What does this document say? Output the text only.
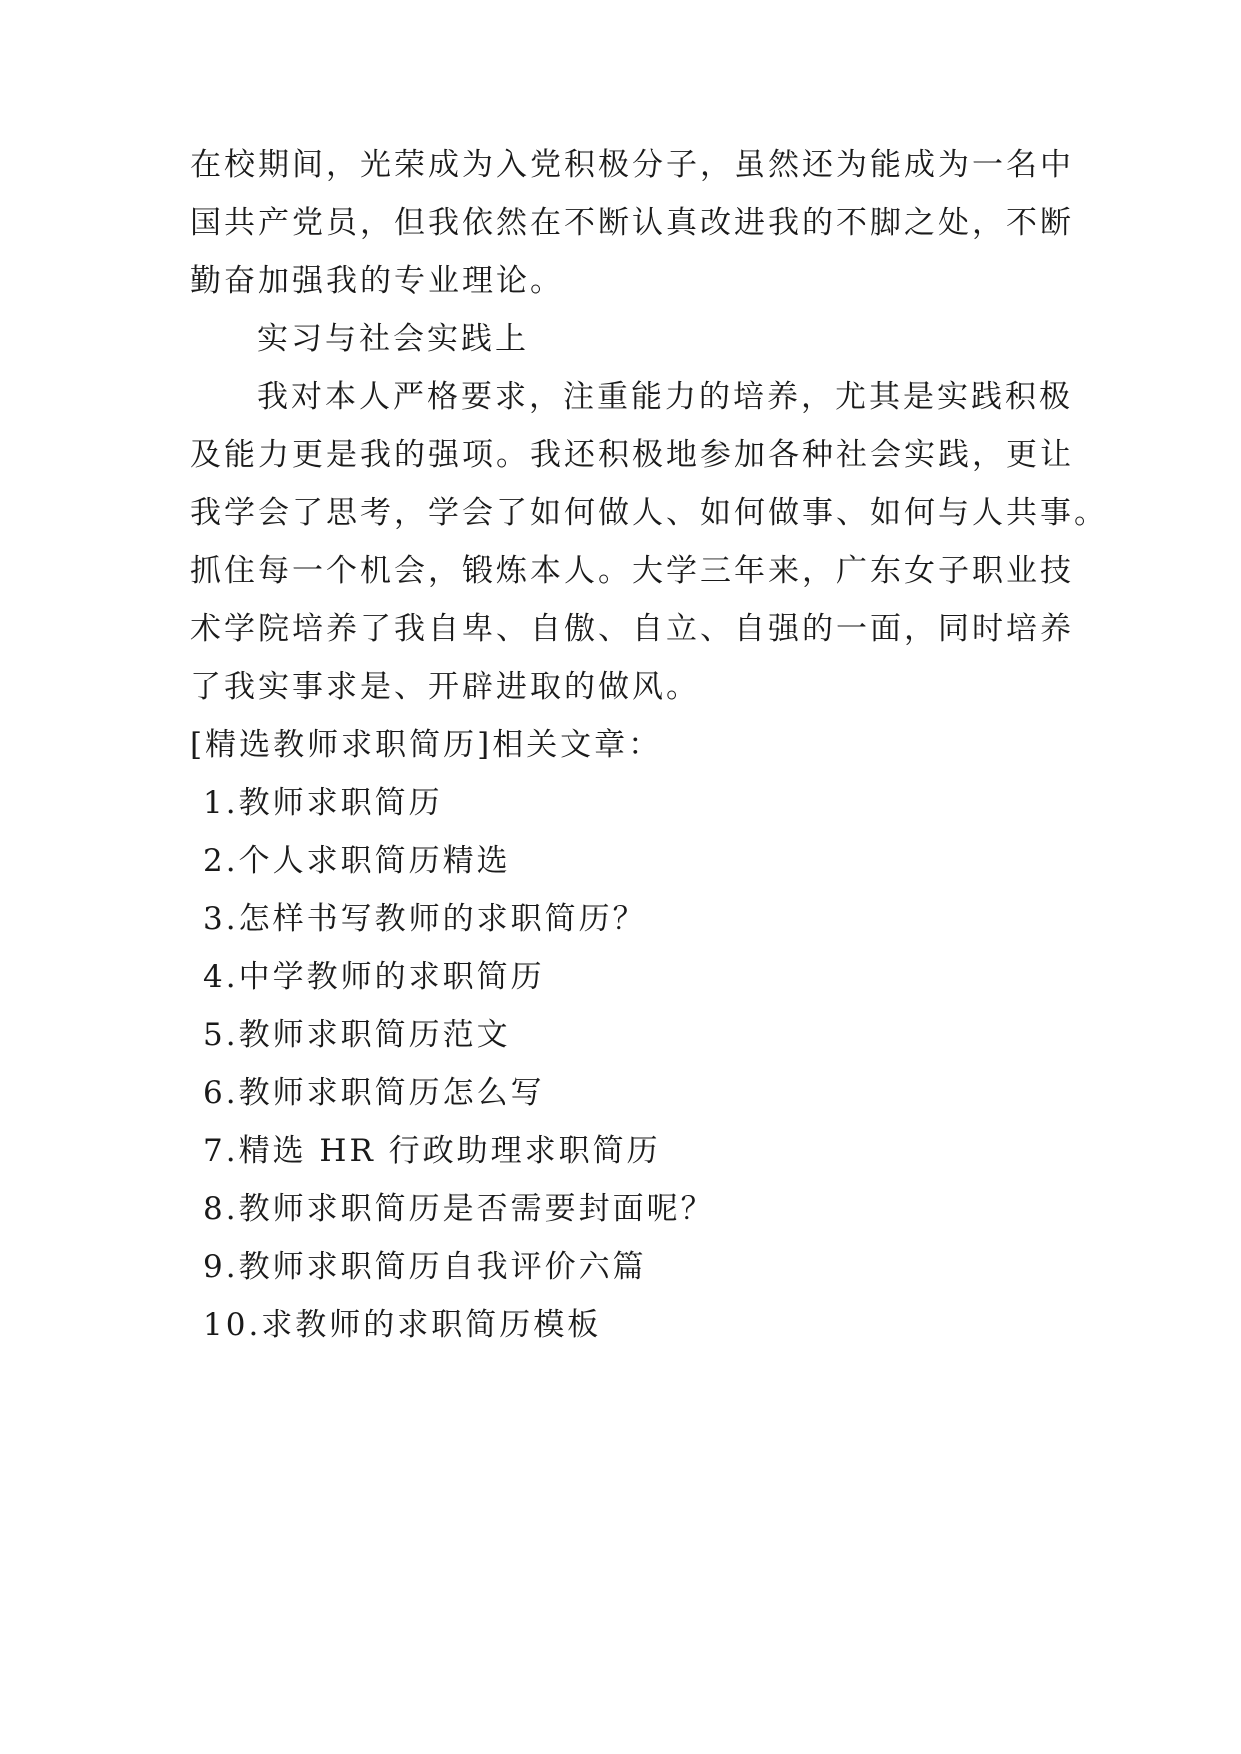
在校期间，光荣成为入党积极分子，虽然还为能成为一名中
国共产党员，但我依然在不断认真改进我的不脚之处，不断
勤奋加强我的专业理论。
实习与社会实践上
我对本人严格要求，注重能力的培养，尤其是实践积极
及能力更是我的强项。我还积极地参加各种社会实践，更让
我学会了思考，学会了如何做人、如何做事、如何与人共事。
抓住每一个机会，锻炼本人。大学三年来，广东女子职业技
术学院培养了我自卑、自傲、自立、自强的一面，同时培养
了我实事求是、开辟进取的做风。
[精选教师求职简历]相关文章：
1.教师求职简历
2.个人求职简历精选
3.怎样书写教师的求职简历？
4.中学教师的求职简历
5.教师求职简历范文
6.教师求职简历怎么写
7.精选 HR 行政助理求职简历
8.教师求职简历是否需要封面呢？
9.教师求职简历自我评价六篇
10.求教师的求职简历模板
